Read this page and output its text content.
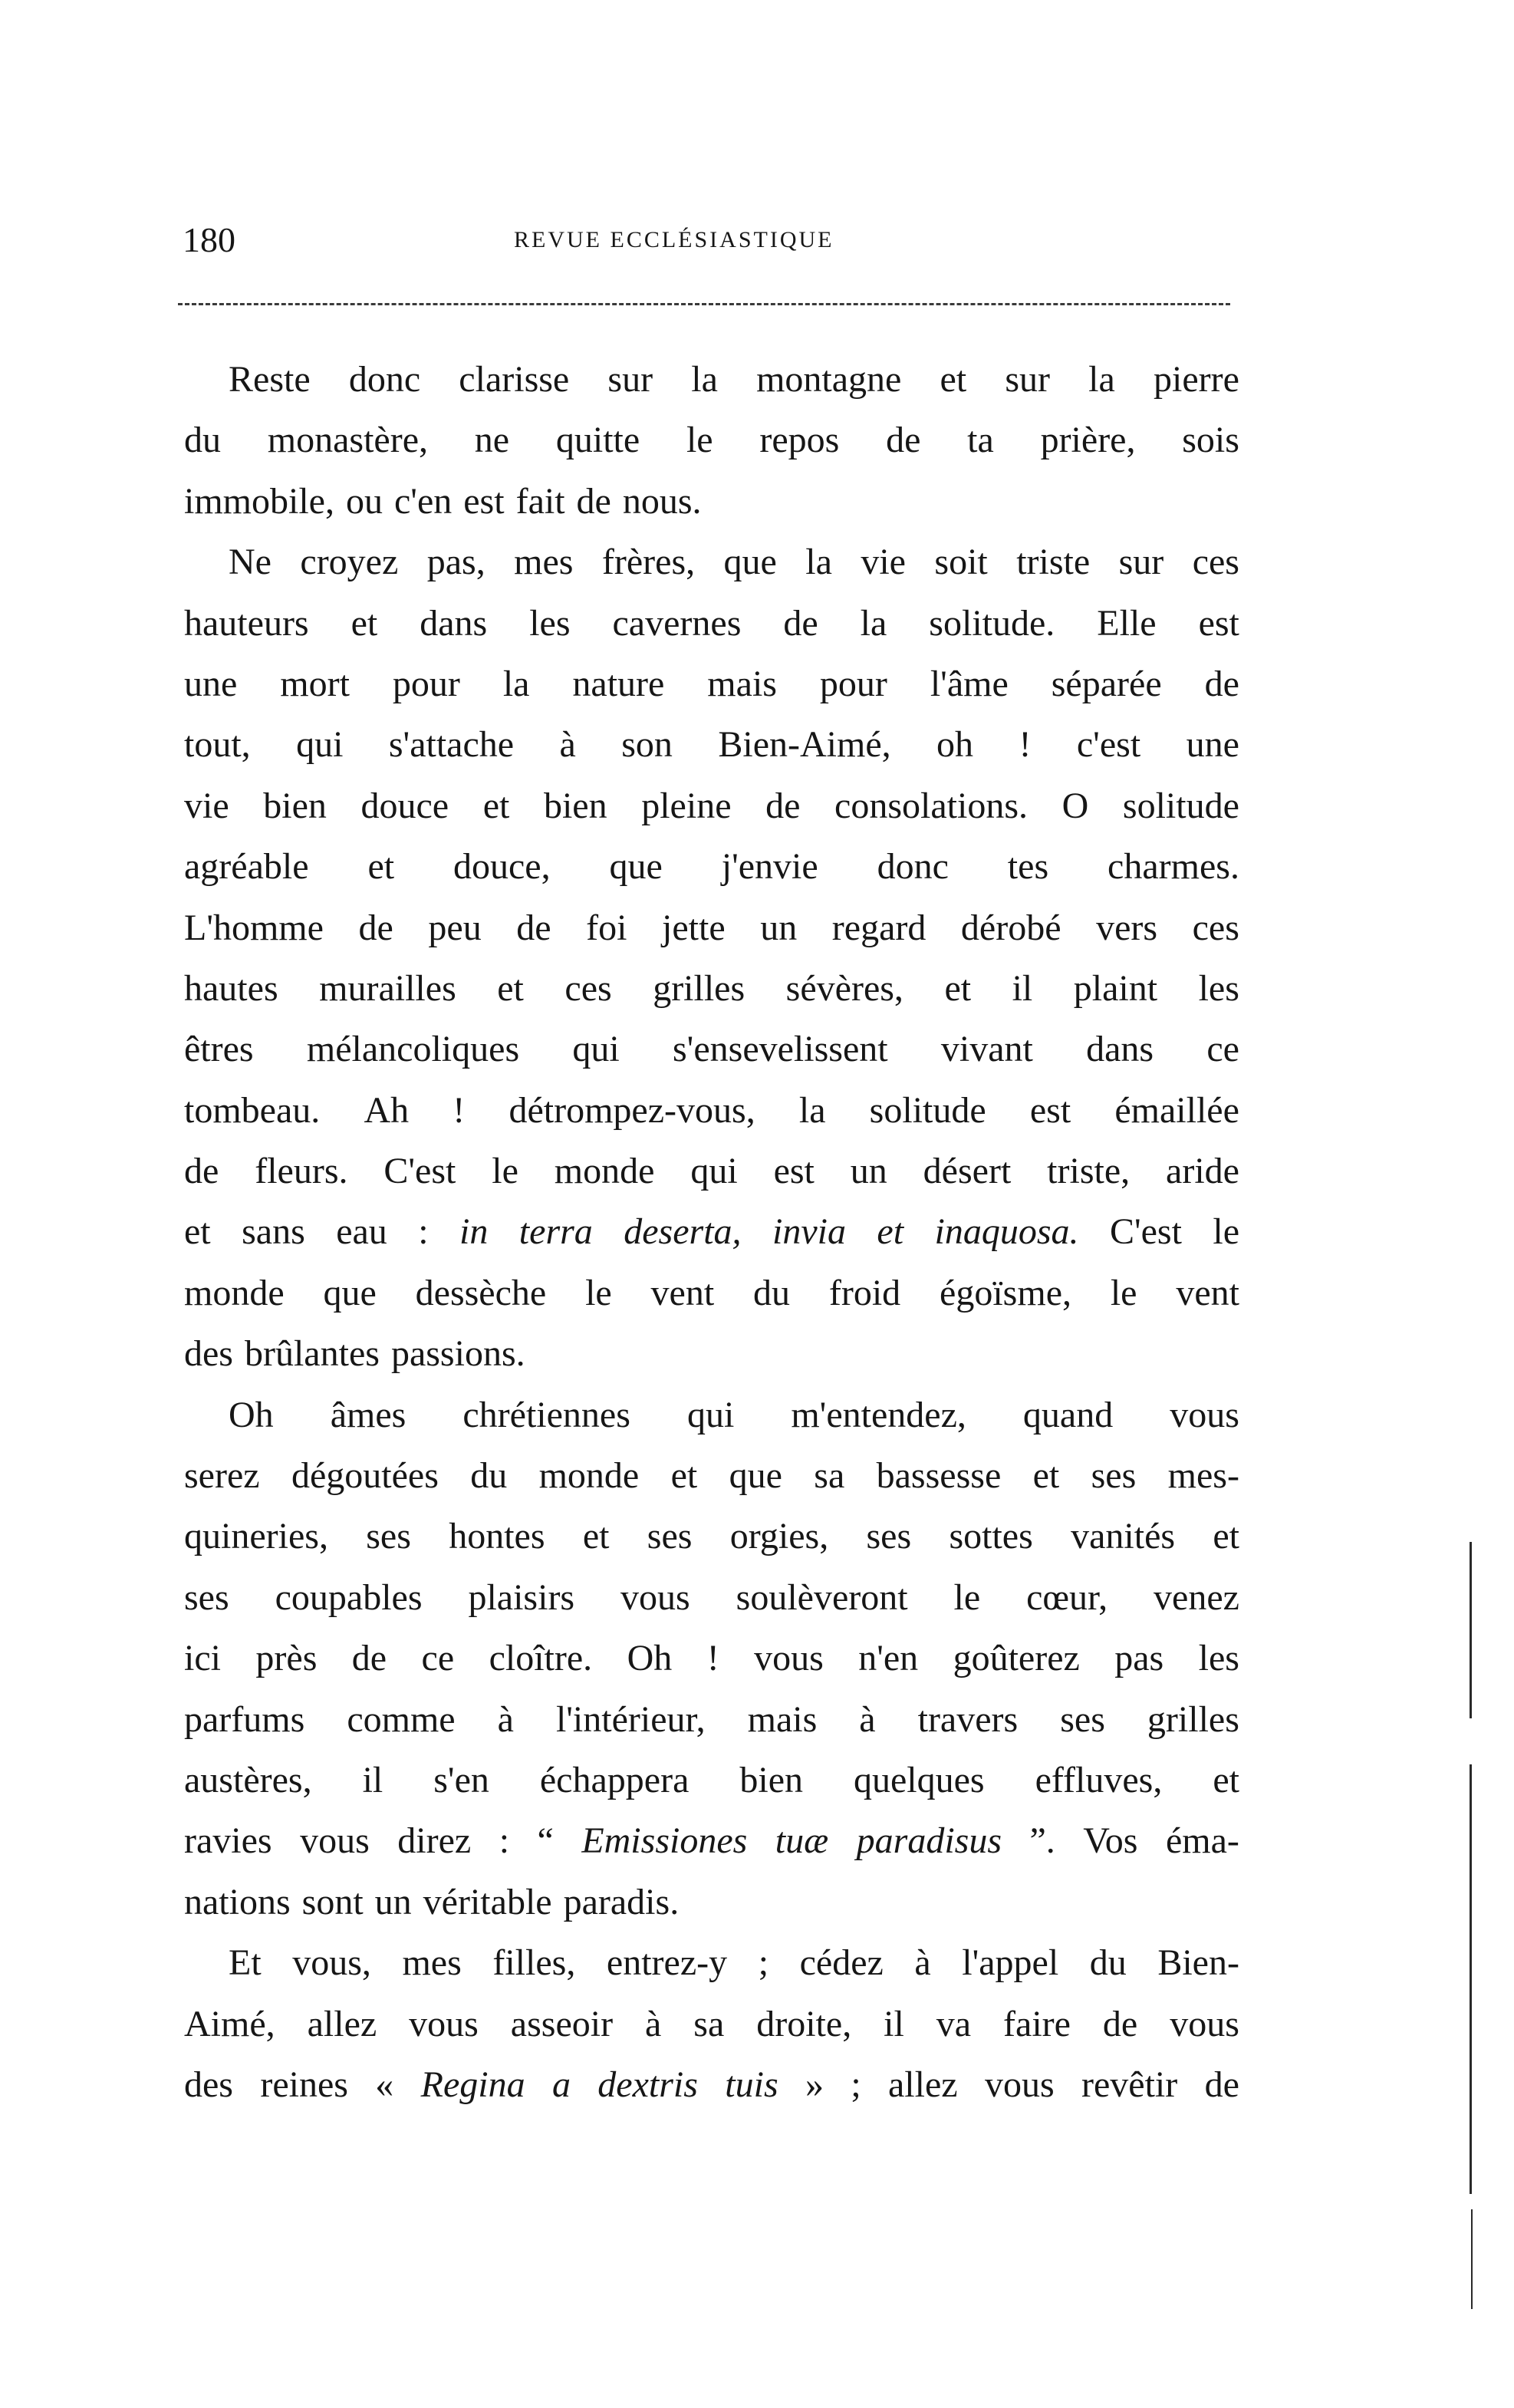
180	REVUE ECCLÉSIASTIQUE
Reste donc clarisse sur la montagne et sur la pierre
du monastère, ne quitte le repos de ta prière, sois
immobile, ou c'en est fait de nous.
Ne croyez pas, mes frères, que la vie soit triste sur ces
hauteurs et dans les cavernes de la solitude. Elle est
une mort pour la nature mais pour l'âme séparée de
tout, qui s'attache à son Bien-Aimé, oh ! c'est une
vie bien douce et bien pleine de consolations. O solitude
agréable et douce, que j'envie donc tes charmes.
L'homme de peu de foi jette un regard dérobé vers ces
hautes murailles et ces grilles sévères, et il plaint les
êtres mélancoliques qui s'ensevelissent vivant dans ce
tombeau. Ah ! détrompez-vous, la solitude est émaillée
de fleurs. C'est le monde qui est un désert triste, aride
et sans eau : in terra deserta, invia et inaquosa. C'est le
monde que dessèche le vent du froid égoïsme, le vent
des brûlantes passions.
Oh âmes chrétiennes qui m'entendez, quand vous
serez dégoutées du monde et que sa bassesse et ses mes-
quineries, ses hontes et ses orgies, ses sottes vanités et
ses coupables plaisirs vous soulèveront le cœur, venez
ici près de ce cloître. Oh ! vous n'en goûterez pas les
parfums comme à l'intérieur, mais à travers ses grilles
austères, il s'en échappera bien quelques effluves, et
ravies vous direz : “ Emissiones tuæ paradisus ”. Vos éma-
nations sont un véritable paradis.
Et vous, mes filles, entrez-y ; cédez à l'appel du Bien-
Aimé, allez vous asseoir à sa droite, il va faire de vous
des reines « Regina a dextris tuis » ; allez vous revêtir de
